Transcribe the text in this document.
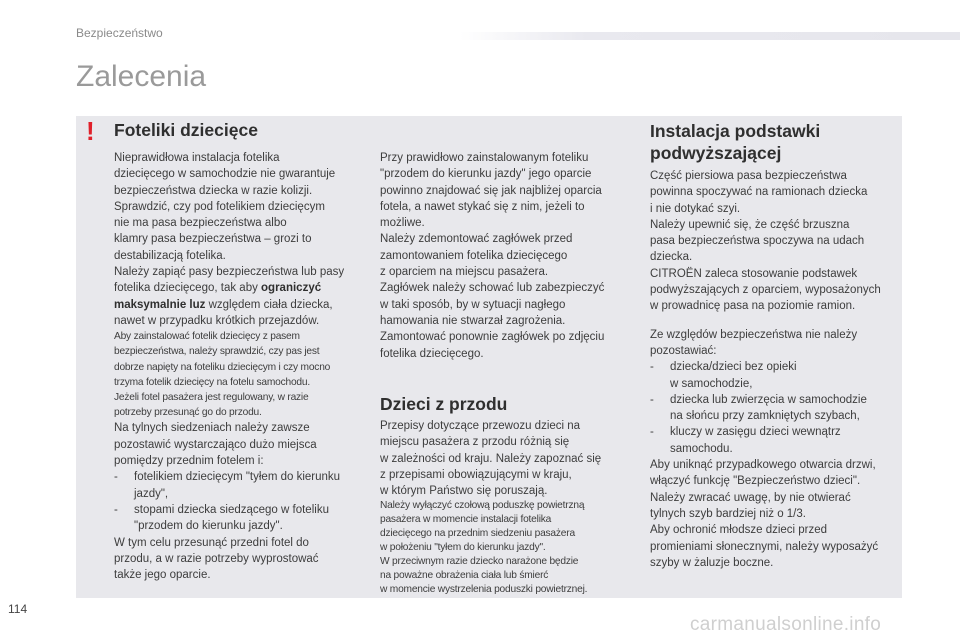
Bezpieczeństwo
Zalecenia
! Foteliki dziecięce

Nieprawidłowa instalacja fotelika
dziecięcego w samochodzie nie gwarantuje
bezpieczeństwa dziecka w razie kolizji.
Sprawdzić, czy pod fotelikiem dziecięcym
nie ma pasa bezpieczeństwa albo
klamry pasa bezpieczeństwa – grozi to
destabilizacją fotelika.

Należy zapiąć pasy bezpieczeństwa lub pasy
fotelika dziecięcego, tak aby ograniczyć
maksymalnie luz względem ciała dziecka,
nawet w przypadku krótkich przejazdów.

Aby zainstalować fotelik dziecięcy z pasem
bezpieczeństwa, należy sprawdzić, czy pas jest
dobrze napięty na foteliku dziecięcym i czy mocno
trzyma fotelik dziecięcy na fotelu samochodu.
Jeżeli fotel pasażera jest regulowany, w razie
potrzeby przesunąć go do przodu.

Na tylnych siedzeniach należy zawsze
pozostawić wystarczająco dużo miejsca
pomiędzy przednim fotelem i:

- fotelikiem dziecięcym "tyłem do kierunku
jazdy",
- stopami dziecka siedzącego w foteliku
"przodem do kierunku jazdy".

W tym celu przesunąć przedni fotel do
przodu, a w razie potrzeby wyprostować
także jego oparcie.

Przy prawidłowo zainstalowanym foteliku
"przodem do kierunku jazdy" jego oparcie
powinno znajdować się jak najbliżej oparcia
fotela, a nawet stykać się z nim, jeżeli to
możliwe.
Należy zdemontować zagłówek przed
zamontowaniem fotelika dziecięcego
z oparciem na miejscu pasażera.
Zagłówek należy schować lub zabezpieczyć
w taki sposób, by w sytuacji nagłego
hamowania nie stwarzał zagrożenia.
Zamontować ponownie zagłówek po zdjęciu
fotelika dziecięcego.

Dzieci z przodu

Przepisy dotyczące przewozu dzieci na
miejscu pasażera z przodu różnią się
w zależności od kraju. Należy zapoznać się
z przepisami obowiązującymi w kraju,
w którym Państwo się poruszają.

Należy wyłączyć czołową poduszkę powietrzną
pasażera w momencie instalacji fotelika
dziecięcego na przednim siedzeniu pasażera
w położeniu "tyłem do kierunku jazdy".
W przeciwnym razie dziecko narażone będzie
na poważne obrażenia ciała lub śmierć
w momencie wystrzelenia poduszki powietrznej.

Instalacja podstawki
podwyższającej

Część piersiowa pasa bezpieczeństwa
powinna spoczywać na ramionach dziecka
i nie dotykać szyi.
Należy upewnić się, że część brzuszna
pasa bezpieczeństwa spoczywa na udach
dziecka.
CITROËN zaleca stosowanie podstawek
podwyższających z oparciem, wyposażonych
w prowadnicę pasa na poziomie ramion.

Ze względów bezpieczeństwa nie należy
pozostawiać:

- dziecka/dzieci bez opieki
w samochodzie,
- dziecka lub zwierzęcia w samochodzie
na słońcu przy zamkniętych szybach,
- kluczy w zasięgu dzieci wewnątrz
samochodu.

Aby uniknąć przypadkowego otwarcia drzwi,
włączyć funkcję "Bezpieczeństwo dzieci".
Należy zwracać uwagę, by nie otwierać
tylnych szyb bardziej niż o 1/3.
Aby ochronić młodsze dzieci przed
promieniami słonecznymi, należy wyposażyć
szyby w żaluzje boczne.

114
carmanualsonline.info
